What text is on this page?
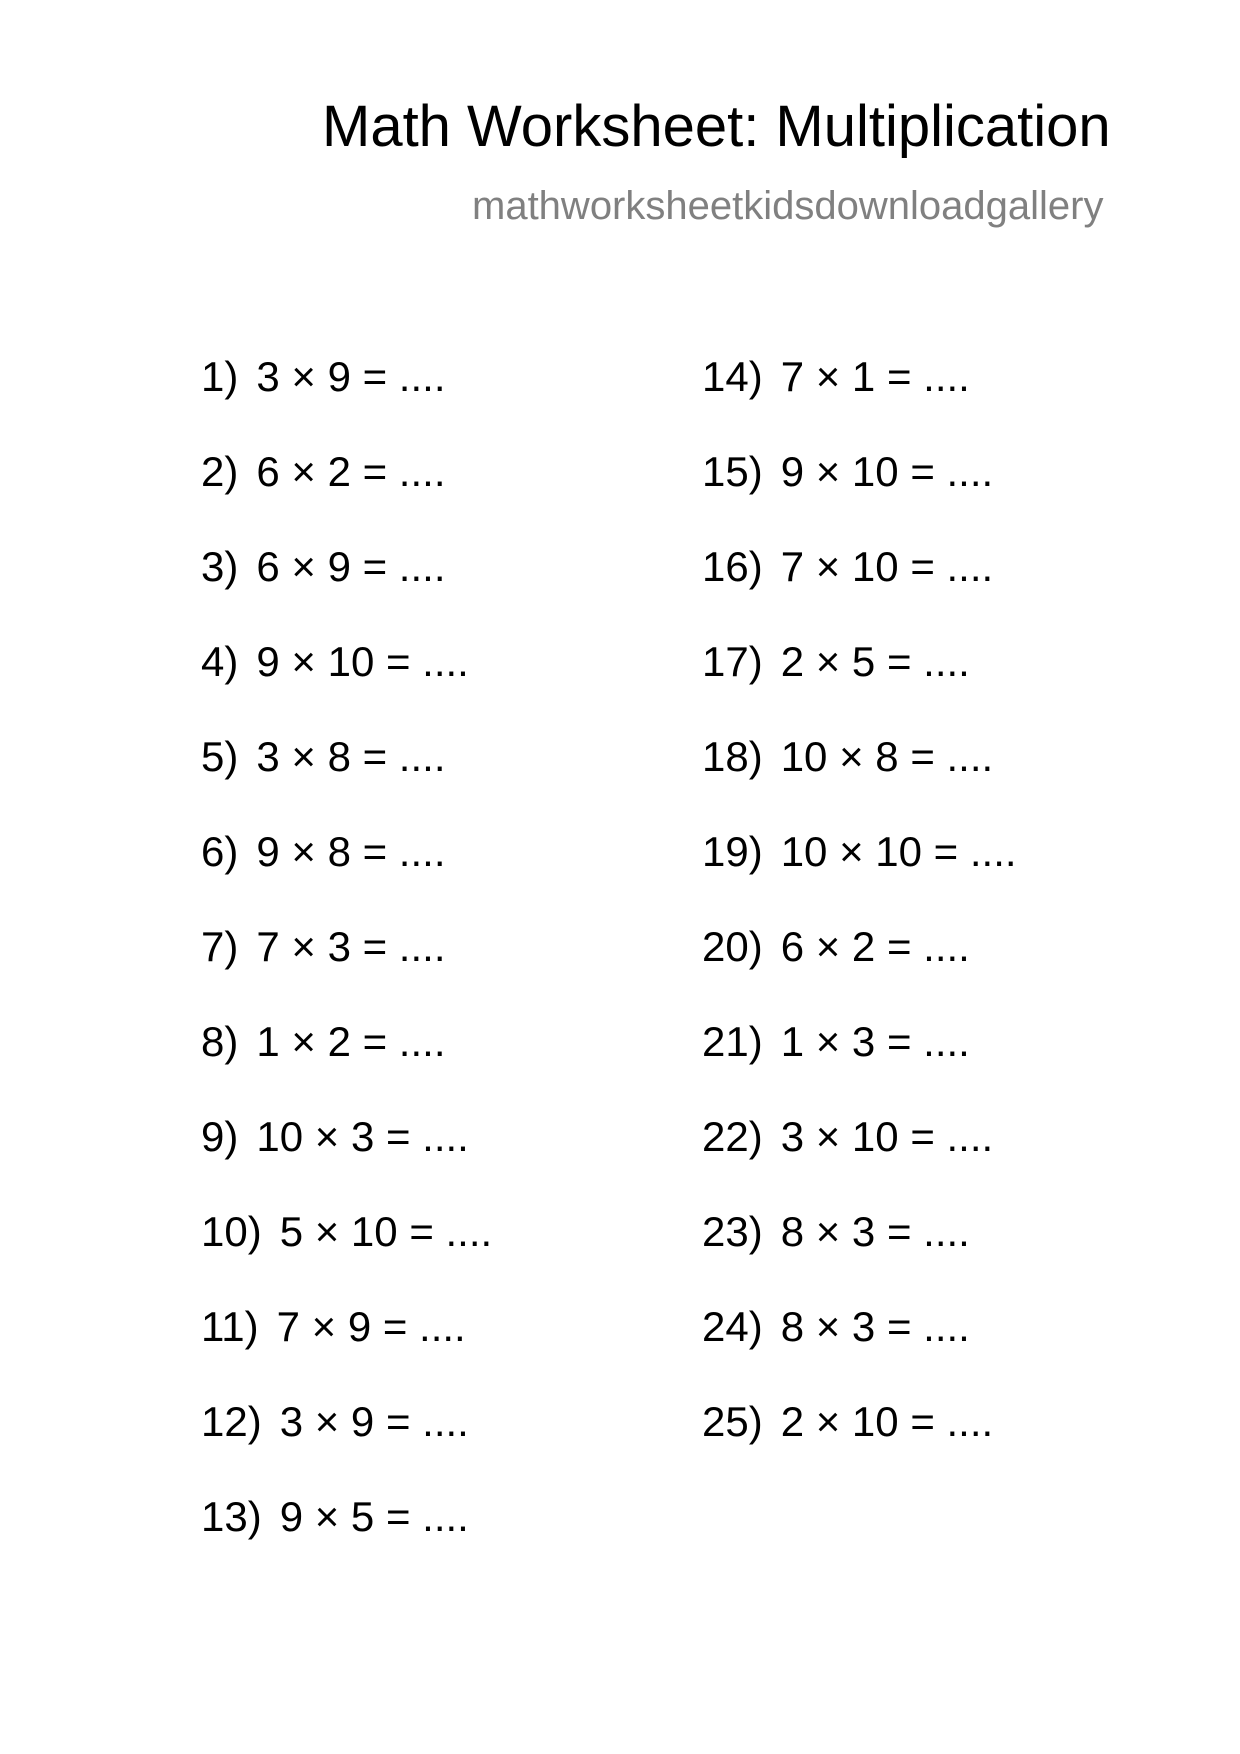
Math Worksheet: Multiplication
mathworksheetkidsdownloadgallery
1) 3 × 9 = ....
2) 6 × 2 = ....
3) 6 × 9 = ....
4) 9 × 10 = ....
5) 3 × 8 = ....
6) 9 × 8 = ....
7) 7 × 3 = ....
8) 1 × 2 = ....
9) 10 × 3 = ....
10) 5 × 10 = ....
11) 7 × 9 = ....
12) 3 × 9 = ....
13) 9 × 5 = ....
14) 7 × 1 = ....
15) 9 × 10 = ....
16) 7 × 10 = ....
17) 2 × 5 = ....
18) 10 × 8 = ....
19) 10 × 10 = ....
20) 6 × 2 = ....
21) 1 × 3 = ....
22) 3 × 10 = ....
23) 8 × 3 = ....
24) 8 × 3 = ....
25) 2 × 10 = ....
